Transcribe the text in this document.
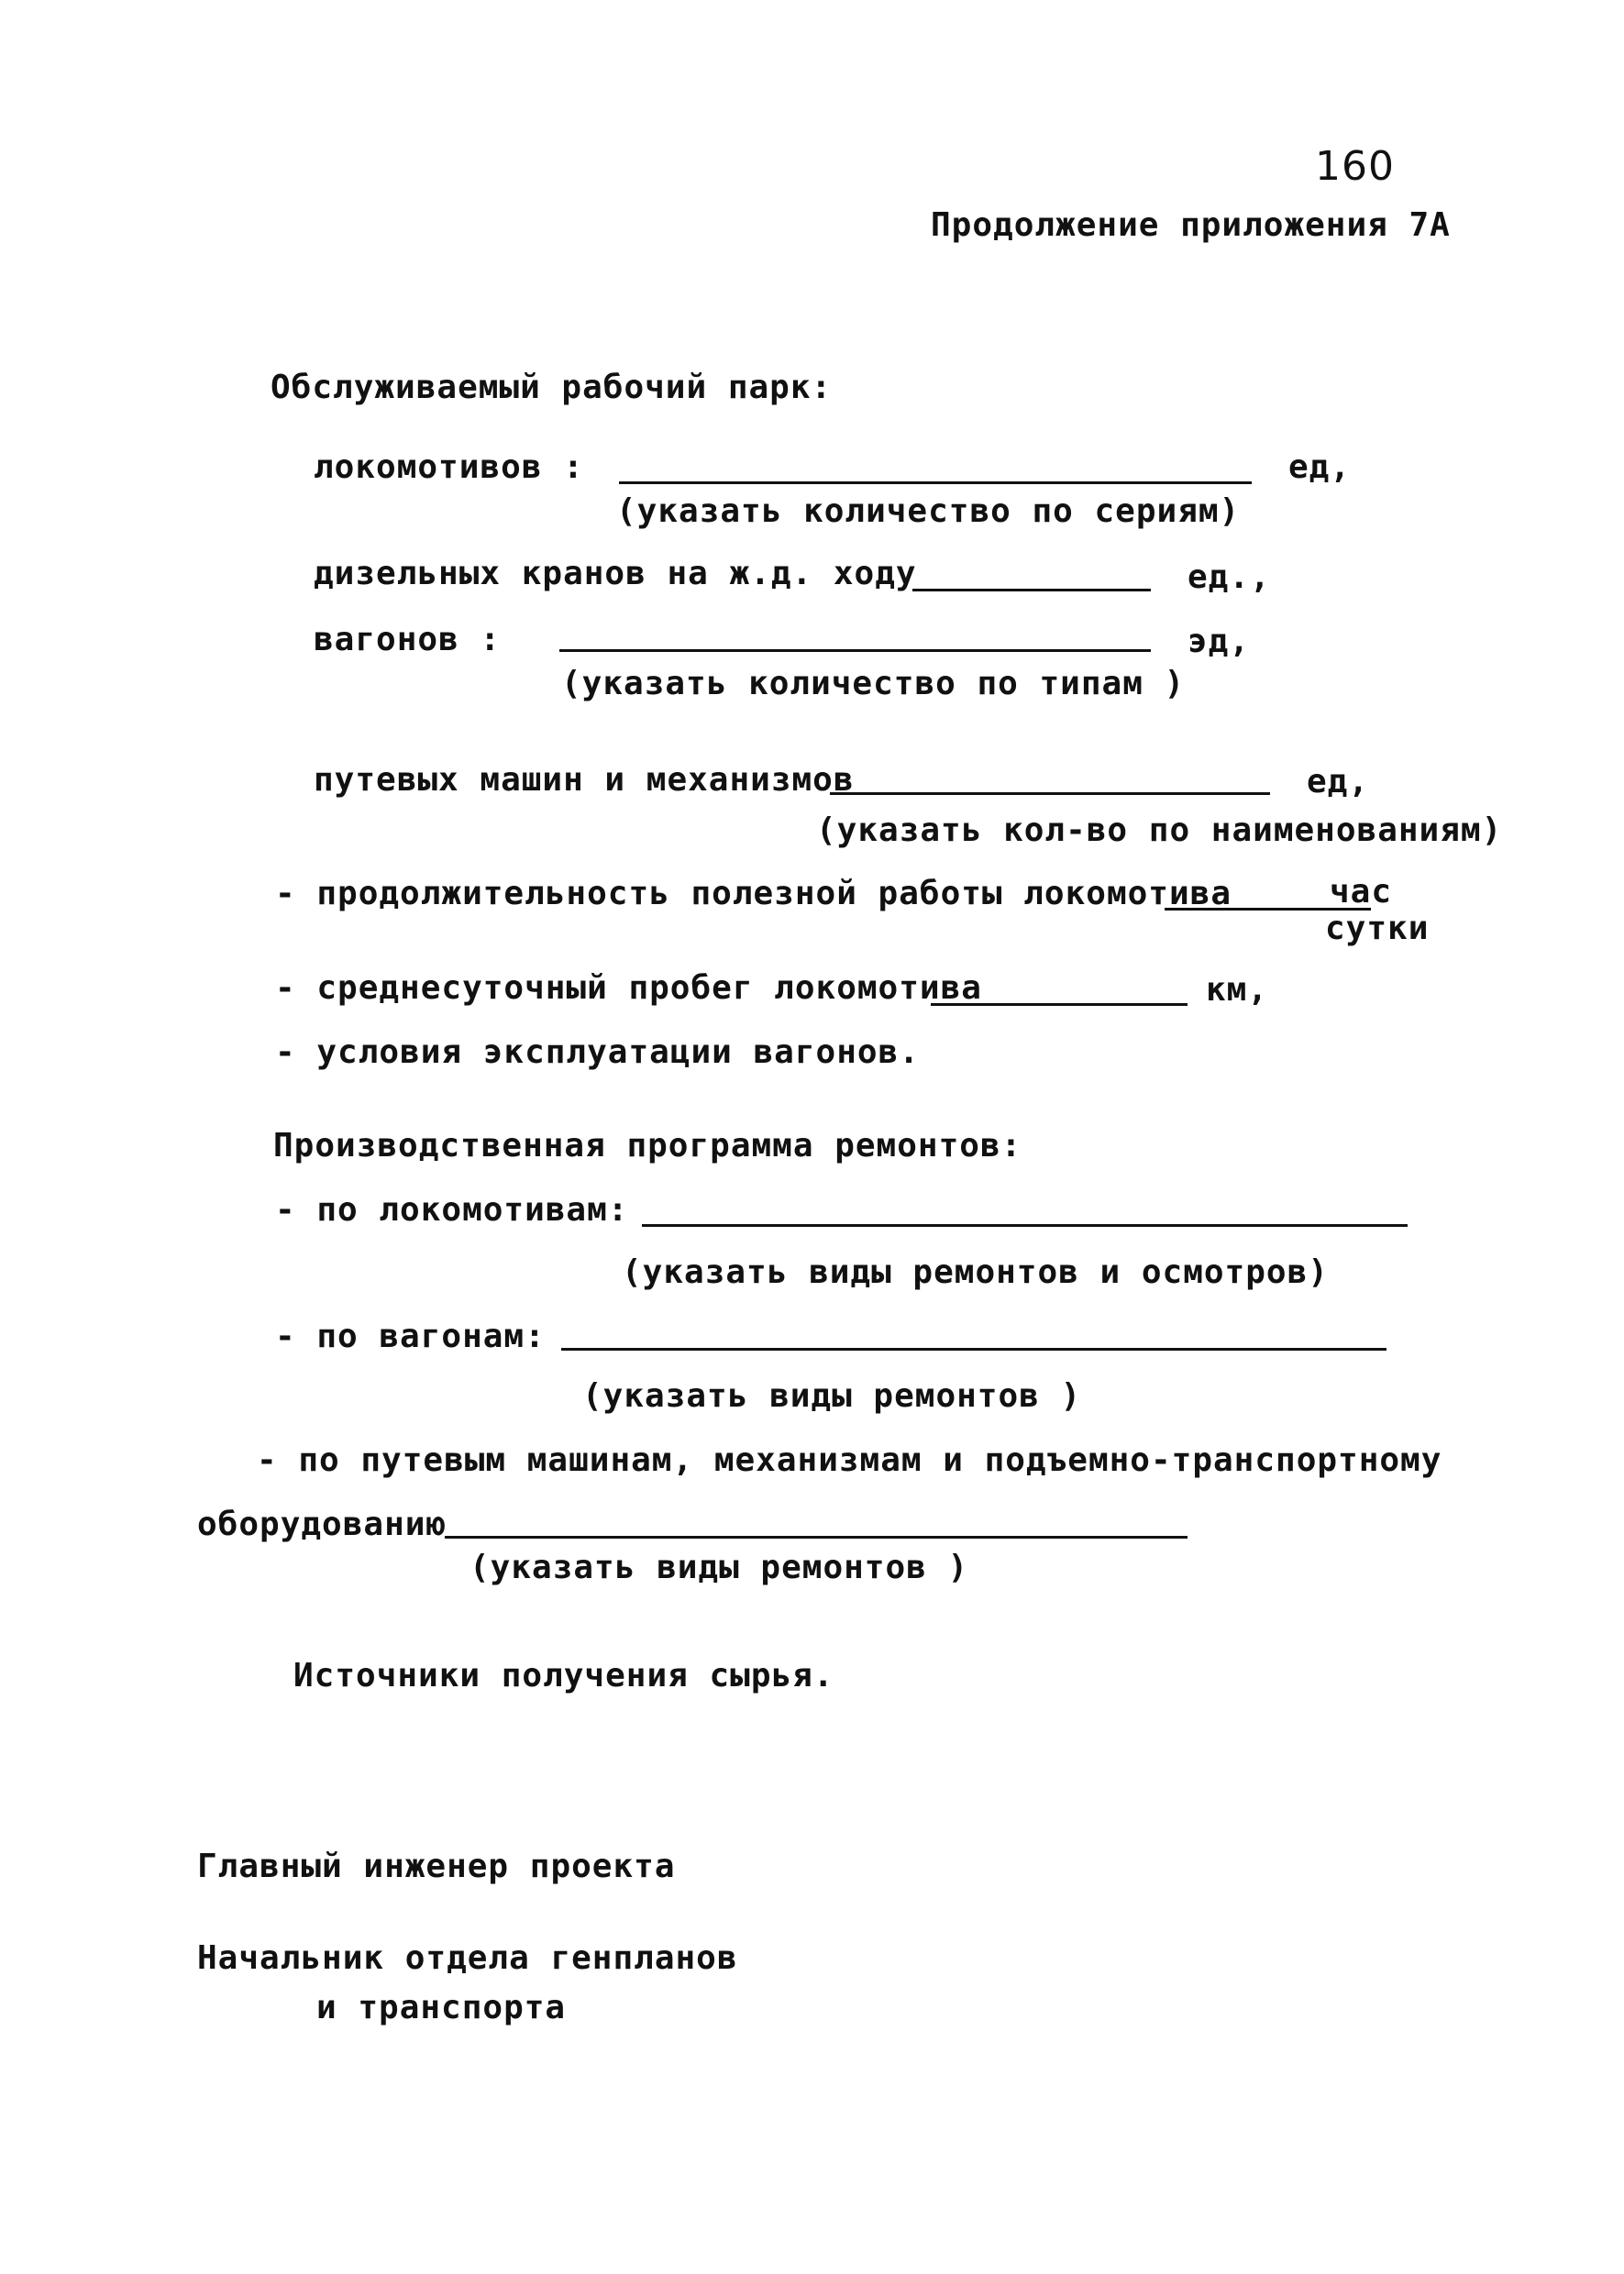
160
Продолжение приложения 7А
Обслуживаемый рабочий парк:
локомотивов :	ед,
(указать количество по сериям)
дизельных кранов на ж.д. ходу	ед.,
вагонов :	эд,
(указать количество по типам )
путевых машин и механизмов	ед,
(указать кол-во по наименованиям)
- продолжительность полезной работы локомотива	час
сутки
- среднесуточный пробег локомотива	км,
- условия эксплуатации вагонов.
Производственная программа ремонтов:
- по локомотивам:
(указать виды ремонтов и осмотров)
- по вагонам:
(указать виды ремонтов )
- по путевым машинам, механизмам и подъемно-транспортному
оборудованию
(указать виды ремонтов )
Источники получения сырья.
Главный инженер проекта
Начальник отдела генпланов
и транспорта
